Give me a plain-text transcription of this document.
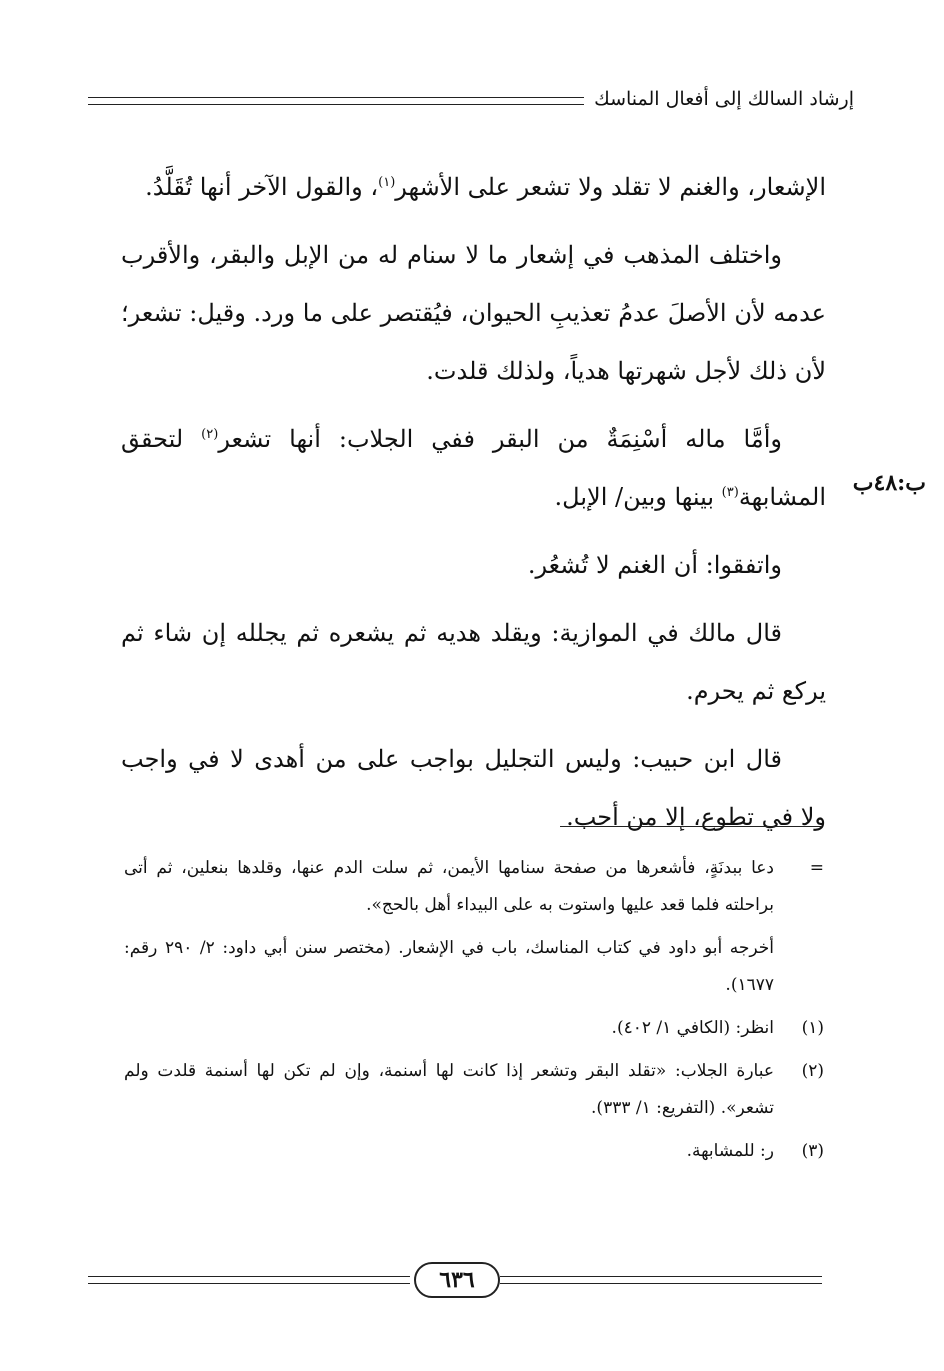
إرشاد السالك إلى أفعال المناسك
ب:٤٨ب

الإشعار، والغنم لا تقلد ولا تشعر على الأشهر$^{(١)}$، والقول الآخر أنها تُقَلَّدُ.

واختلف المذهب في إشعار ما لا سنام له من الإبل والبقر، والأقرب عدمه لأن الأصلَ عدمُ تعذيبِ الحيوان، فيُقتصر على ما ورد. وقيل: تشعر؛ لأن ذلك لأجل شهرتها هدياً، ولذلك قلدت.

وأمَّا ماله أسْنِمَةٌ من البقر ففي الجلاب: أنها تشعر$^{(٢)}$ لتحقق المشابهة$^{(٣)}$ بينها وبين/ الإبل.

واتفقوا: أن الغنم لا تُشعُر.

قال مالك في الموازية: ويقلد هديه ثم يشعره ثم يجلله إن شاء ثم يركع ثم يحرم.

قال ابن حبيب: وليس التجليل بواجب على من أهدى لا في واجب ولا في تطوع، إلا من أحب.

=
دعا ببدنَةٍ، فأشعرها من صفحة سنامها الأيمن، ثم سلت الدم عنها، وقلدها بنعلين، ثم أتى براحلته فلما قعد عليها واستوت به على البيداء أهل بالحج».
أخرجه أبو داود في كتاب المناسك، باب في الإشعار. (مختصر سنن أبي داود: ٢/ ٢٩٠ رقم: ١٦٧٧).
(١)
انظر: (الكافي ١/ ٤٠٢).
(٢)
عبارة الجلاب: «تقلد البقر وتشعر إذا كانت لها أسنمة، وإن لم تكن لها أسنمة قلدت ولم تشعر». (التفريع: ١/ ٣٣٣).
(٣)
ر: للمشابهة.
٦٣٦
